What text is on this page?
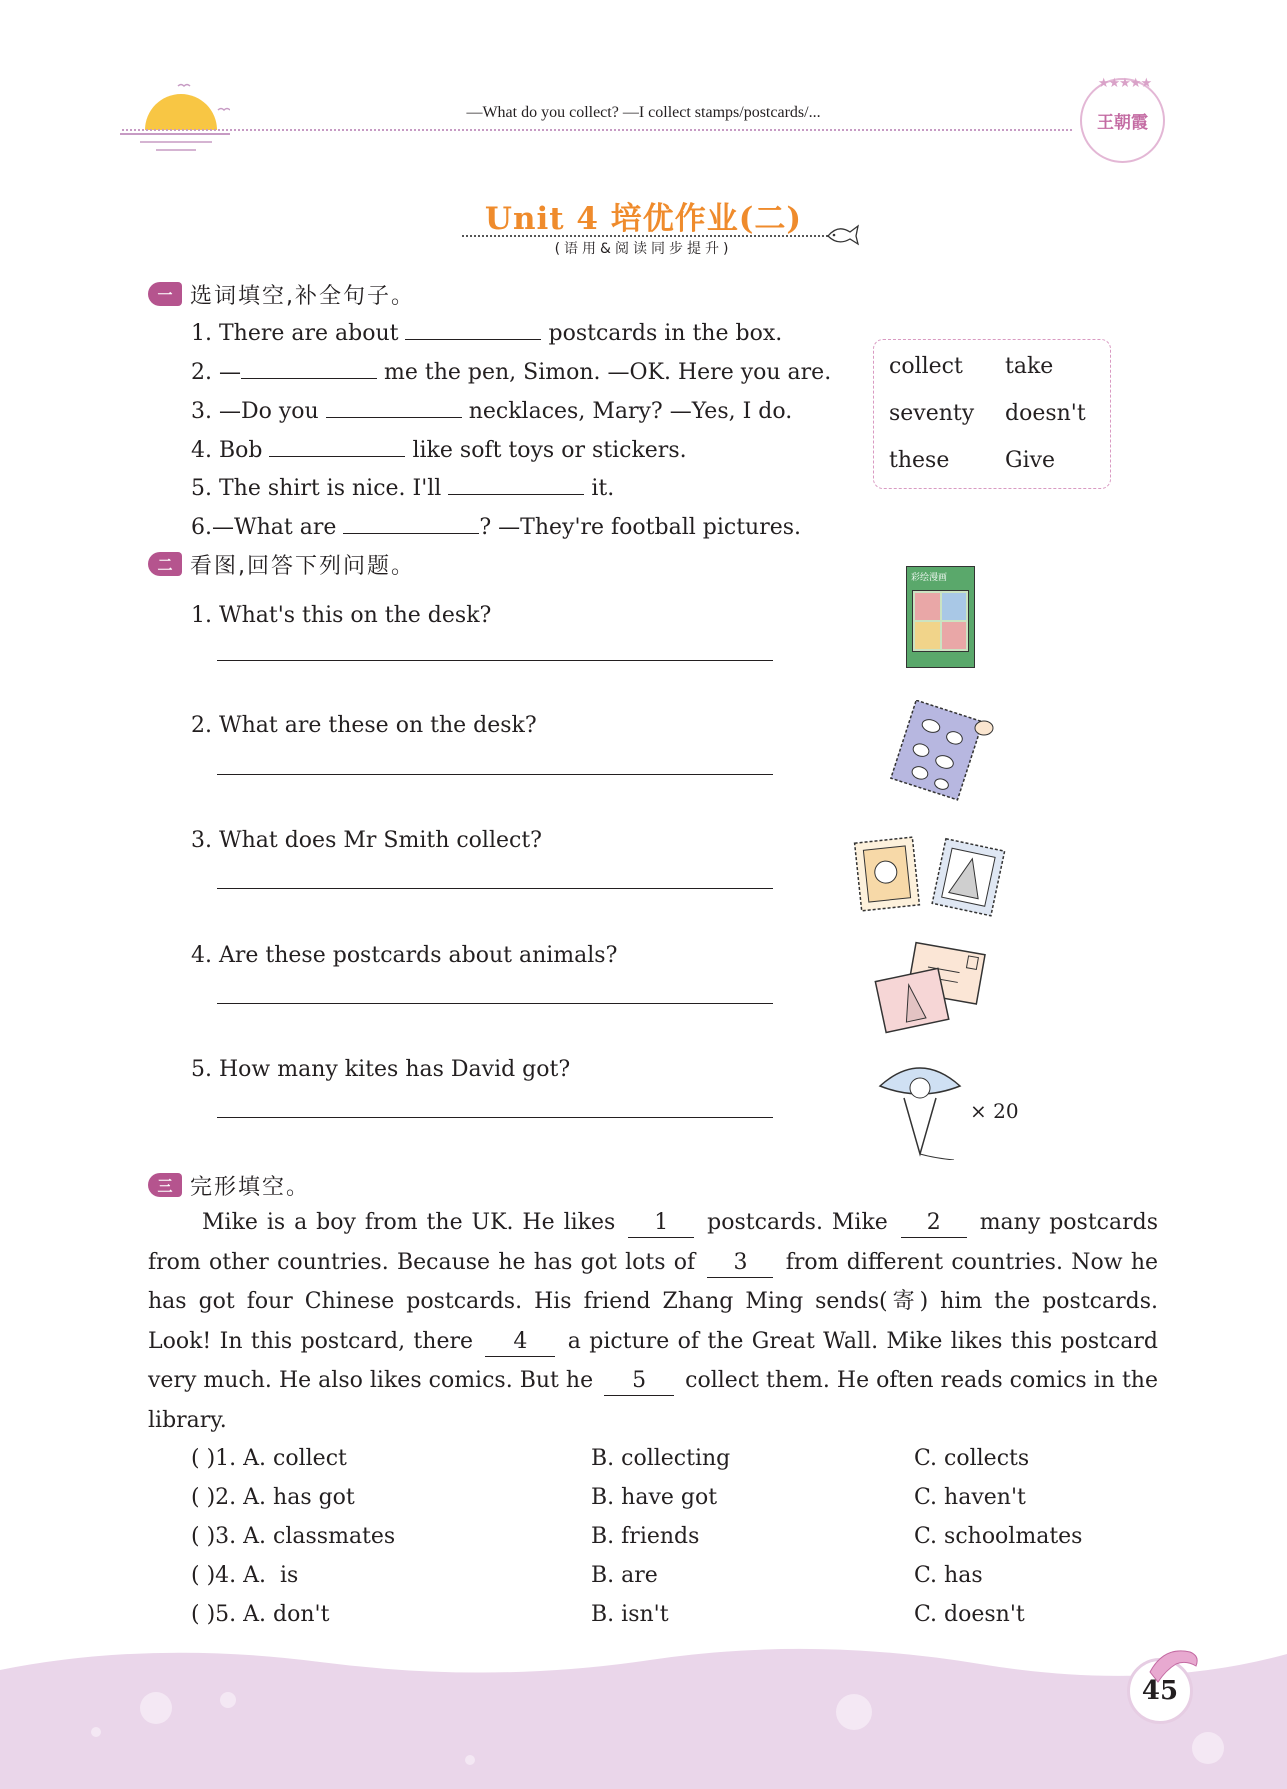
—What do you collect? —I collect stamps/postcards/...
★★★★★
王朝霞
Unit 4 培优作业(二)
(语用&阅读同步提升)
一 选词填空,补全句子。
1. There are about	postcards in the box.
2. —	me the pen, Simon. —OK. Here you are.
3. —Do you	necklaces, Mary? —Yes, I do.
4. Bob	like soft toys or stickers.
5. The shirt is nice. I'll	it.
6.—What are	? —They're football pictures.
collect take
seventy doesn't
these	Give
二 看图,回答下列问题。
1. What's this on the desk?
2. What are these on the desk?
3. What does Mr Smith collect?
4. Are these postcards about animals?
5. How many kites has David got?
彩绘漫画
× 20
三 完形填空。
Mike is a boy from the UK. He likes 1 postcards. Mike 2 many postcards from other countries. Because he has got lots of 3 from different countries. Now he has got four Chinese postcards. His friend Zhang Ming sends(寄) him the postcards. Look! In this postcard, there 4 a picture of the Great Wall. Mike likes this postcard very much. He also likes comics. But he 5 collect them. He often reads comics in the library.
( )1. A. collect	B. collecting	C. collects
( )2. A. has got	B. have got	C. haven't
( )3. A. classmates	B. friends	C. schoolmates
( )4. A.  is	B. are	C. has
( )5. A. don't	B. isn't	C. doesn't
45
